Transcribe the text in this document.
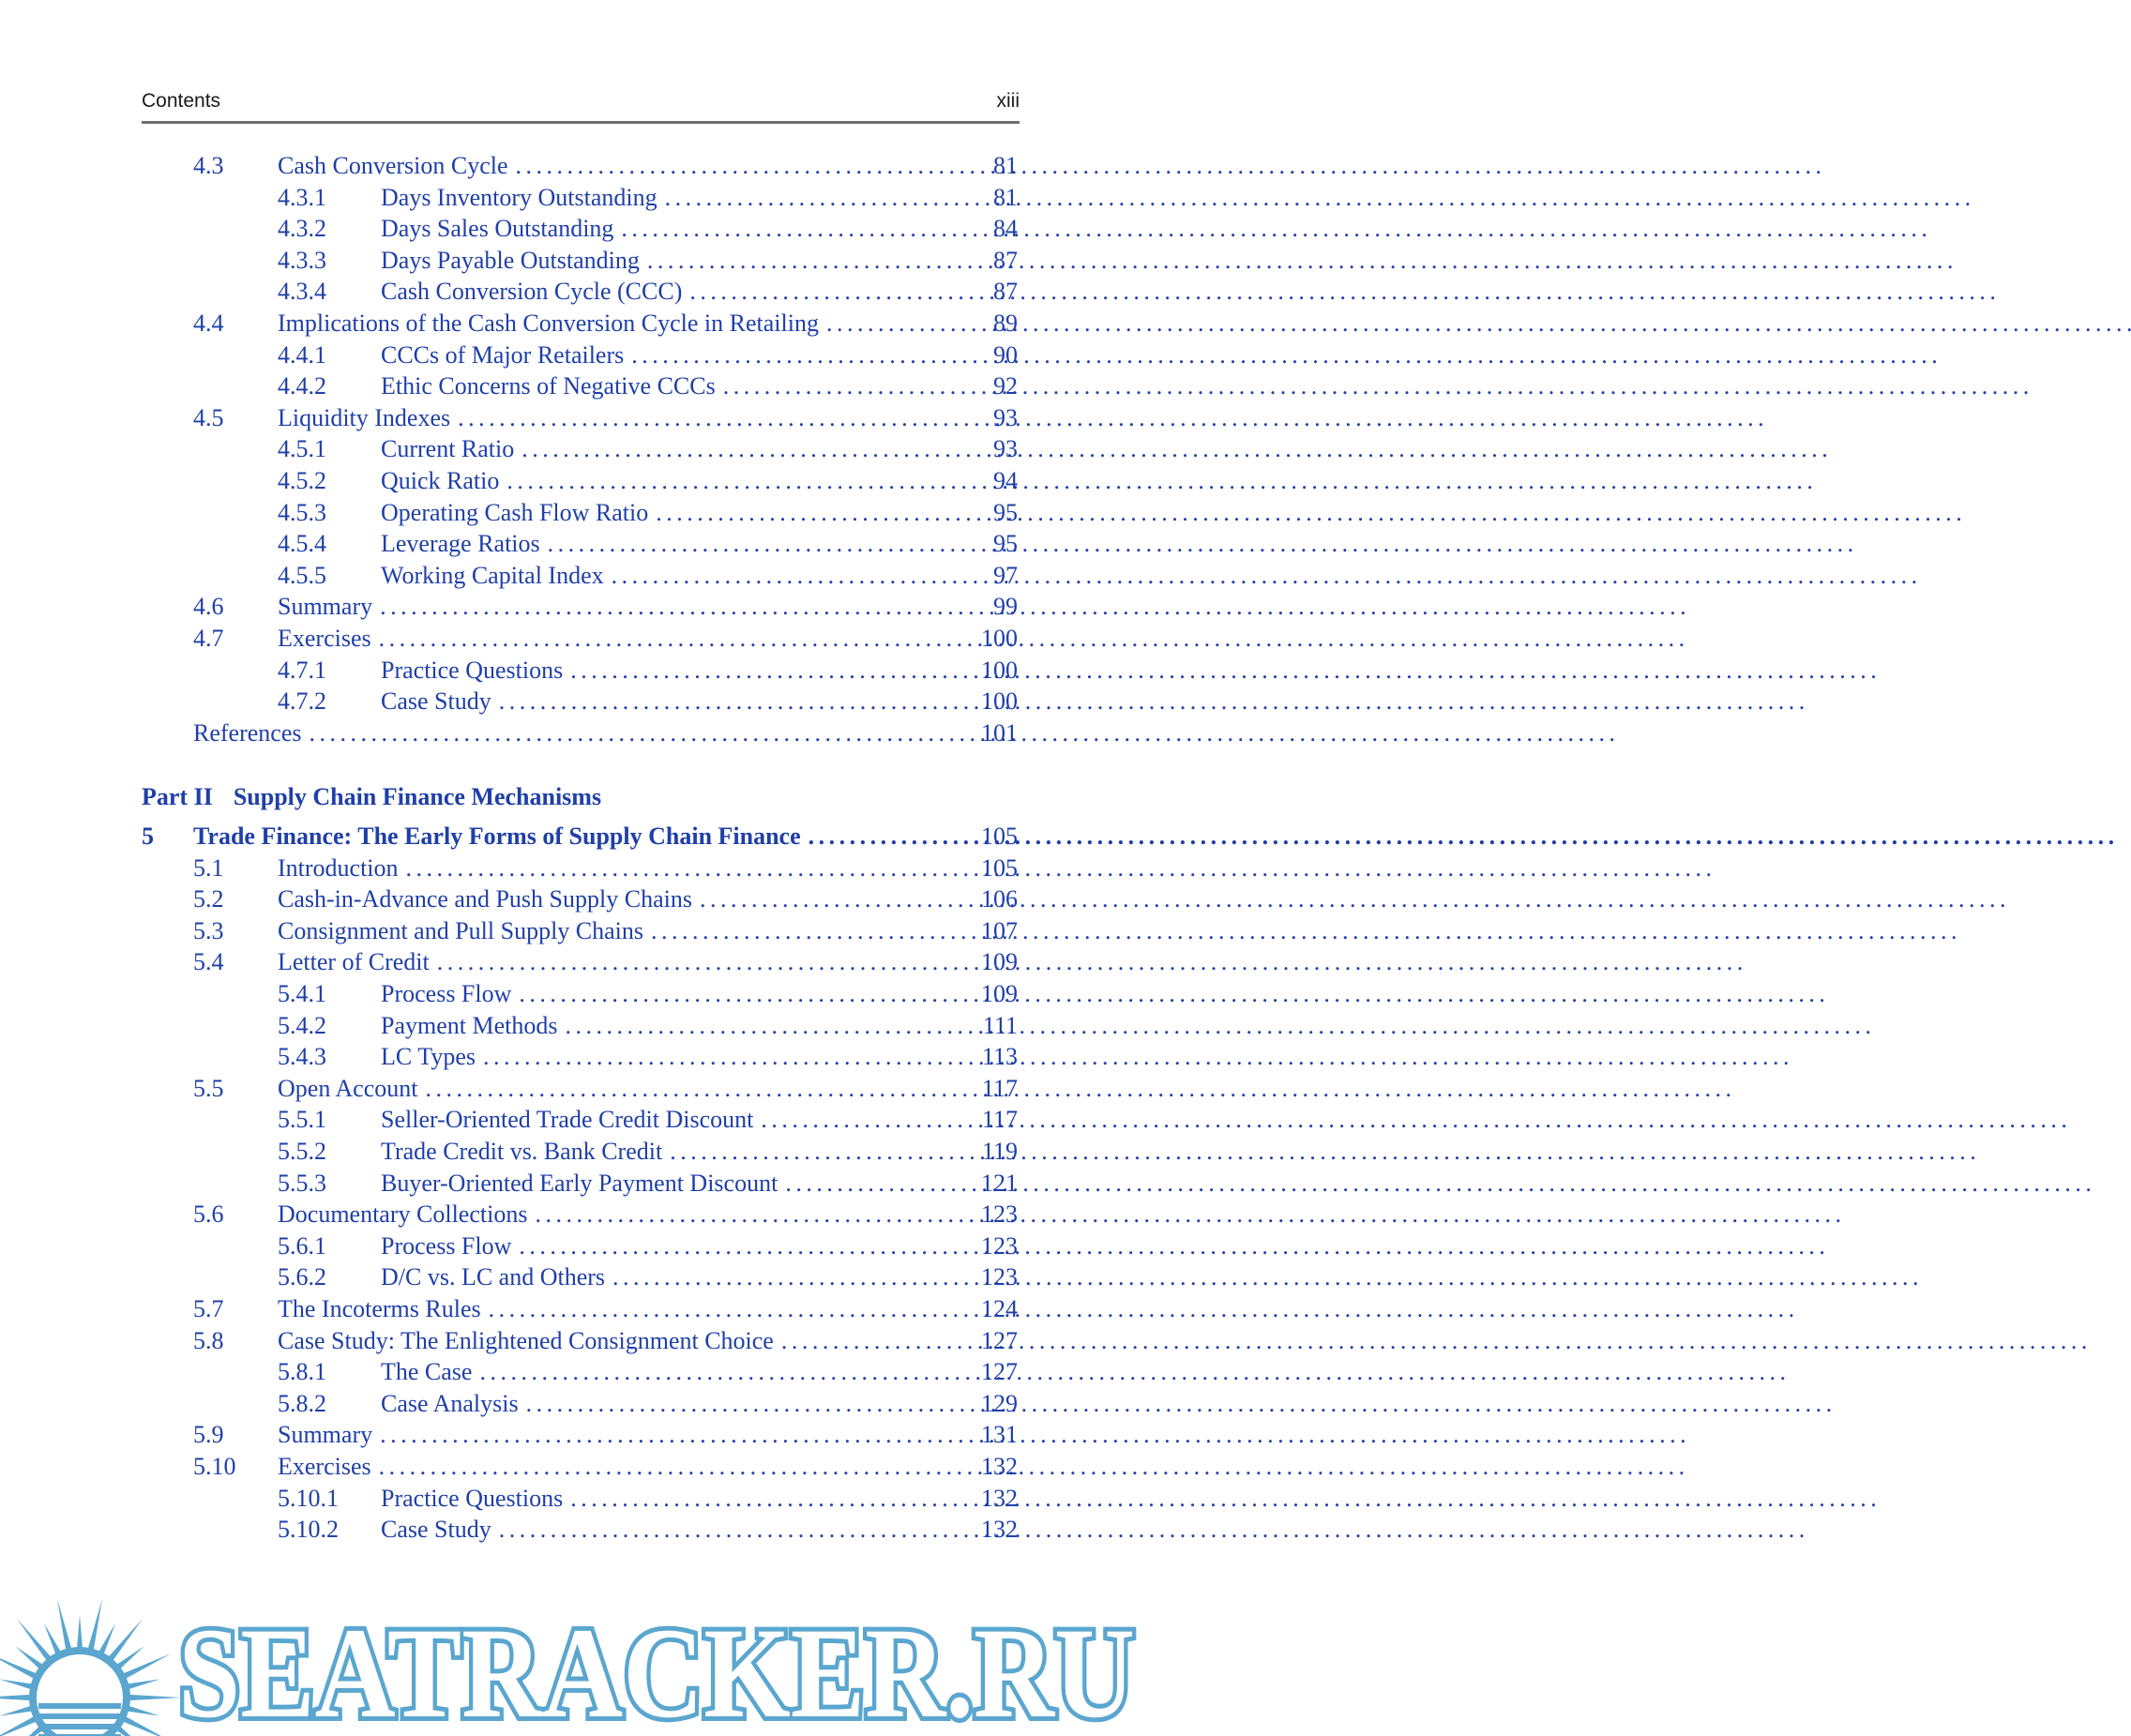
Contents	xiii
4.3 Cash Conversion Cycle . . .	81
4.3.1 Days Inventory Outstanding . . .	81
4.3.2 Days Sales Outstanding . . .	84
4.3.3 Days Payable Outstanding . . .	87
4.3.4 Cash Conversion Cycle (CCC) . . .	87
4.4 Implications of the Cash Conversion Cycle in Retailing . . .	89
4.4.1 CCCs of Major Retailers . . .	90
4.4.2 Ethic Concerns of Negative CCCs . . .	92
4.5 Liquidity Indexes . . .	93
4.5.1 Current Ratio . . .	93
4.5.2 Quick Ratio . . .	94
4.5.3 Operating Cash Flow Ratio . . .	95
4.5.4 Leverage Ratios . . .	95
4.5.5 Working Capital Index . . .	97
4.6 Summary . . .	99
4.7 Exercises . . .	100
4.7.1 Practice Questions . . .	100
4.7.2 Case Study . . .	100
References . . .	101
5 Trade Finance: The Early Forms of Supply Chain Finance . . .	105
5.1 Introduction . . .	105
5.2 Cash-in-Advance and Push Supply Chains . . .	106
5.3 Consignment and Pull Supply Chains . . .	107
5.4 Letter of Credit . . .	109
5.4.1 Process Flow . . .	109
5.4.2 Payment Methods . . .	111
5.4.3 LC Types . . .	113
5.5 Open Account . . .	117
5.5.1 Seller-Oriented Trade Credit Discount . . .	117
5.5.2 Trade Credit vs. Bank Credit . . .	119
5.5.3 Buyer-Oriented Early Payment Discount . . .	121
5.6 Documentary Collections . . .	123
5.6.1 Process Flow . . .	123
5.6.2 D/C vs. LC and Others . . .	123
5.7 The Incoterms Rules . . .	124
5.8 Case Study: The Enlightened Consignment Choice . . .	127
5.8.1 The Case . . .	127
5.8.2 Case Analysis . . .	129
5.9 Summary . . .	131
5.10 Exercises . . .	132
5.10.1 Practice Questions . . .	132
5.10.2 Case Study . . .	132
Part II Supply Chain Finance Mechanisms
SEATRACKER.RU
